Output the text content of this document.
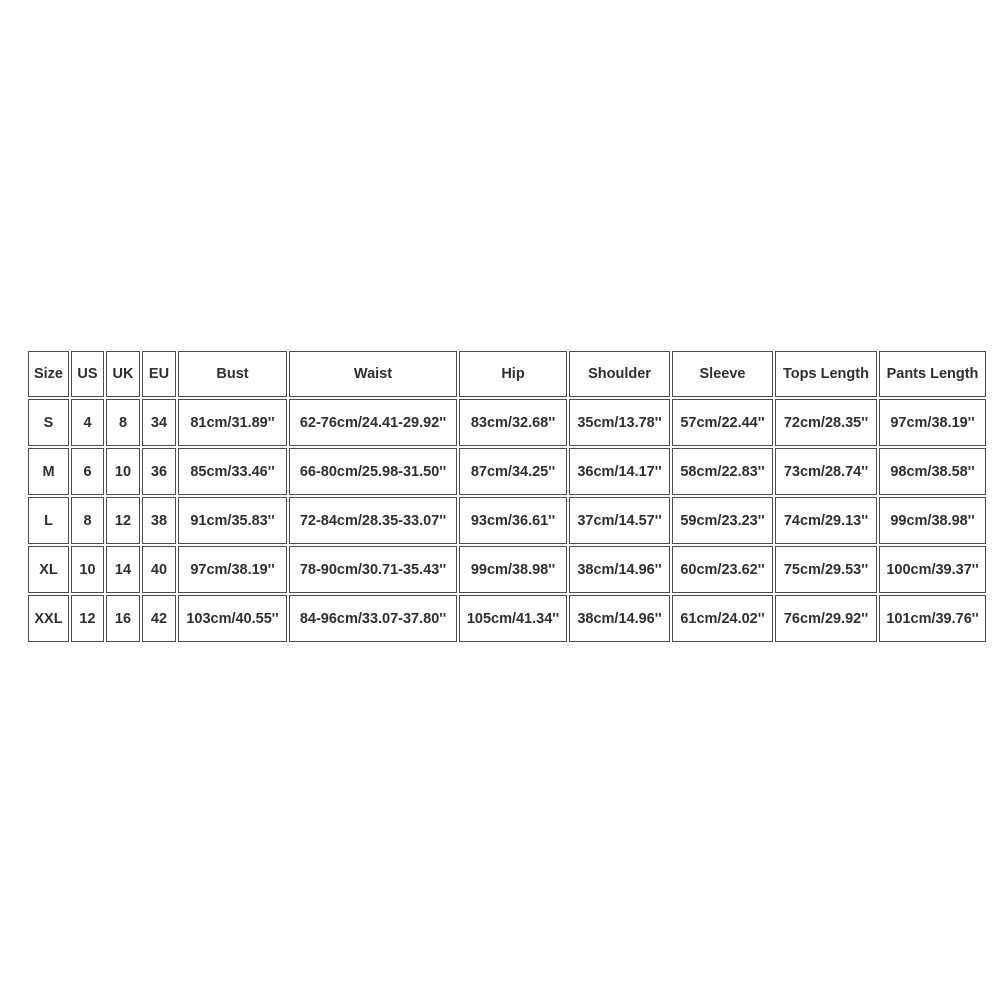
Size	US	UK	EU	Bust	Waist	Hip	Shoulder	Sleeve	Tops Length	Pants Length
S	4	8	34	81cm/31.89''	62-76cm/24.41-29.92''	83cm/32.68''	35cm/13.78''	57cm/22.44''	72cm/28.35''	97cm/38.19''
M	6	10	36	85cm/33.46''	66-80cm/25.98-31.50''	87cm/34.25''	36cm/14.17''	58cm/22.83''	73cm/28.74''	98cm/38.58''
L	8	12	38	91cm/35.83''	72-84cm/28.35-33.07''	93cm/36.61''	37cm/14.57''	59cm/23.23''	74cm/29.13''	99cm/38.98''
XL	10	14	40	97cm/38.19''	78-90cm/30.71-35.43''	99cm/38.98''	38cm/14.96''	60cm/23.62''	75cm/29.53''	100cm/39.37''
XXL	12	16	42	103cm/40.55''	84-96cm/33.07-37.80''	105cm/41.34''	38cm/14.96''	61cm/24.02''	76cm/29.92''	101cm/39.76''
